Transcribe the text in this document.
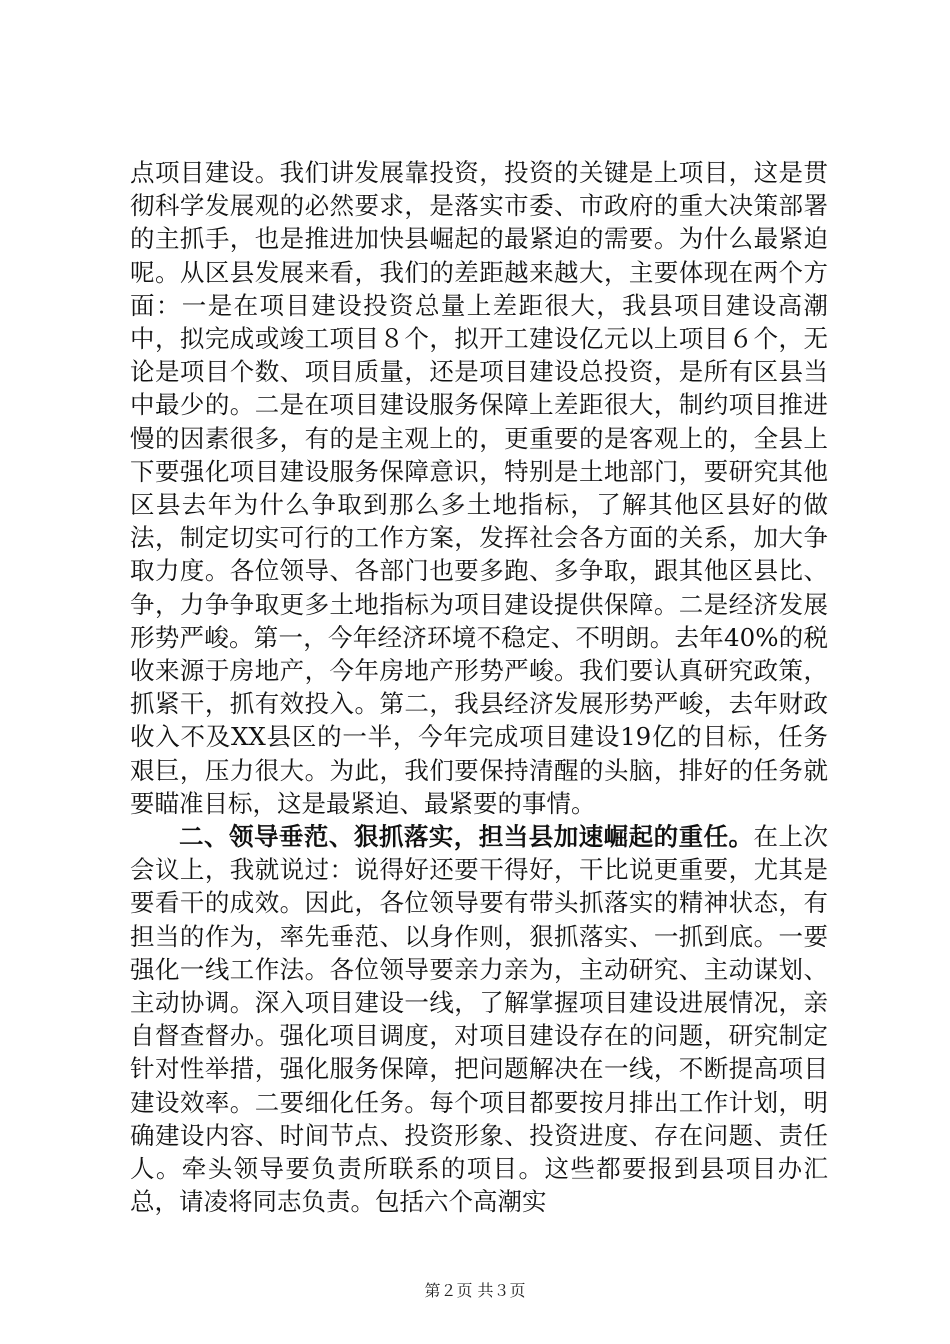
点项目建设。我们讲发展靠投资，投资的关键是上项目，这是贯彻科学发展观的必然要求，是落实市委、市政府的重大决策部署的主抓手，也是推进加快县崛起的最紧迫的需要。为什么最紧迫呢。从区县发展来看，我们的差距越来越大，主要体现在两个方面：一是在项目建设投资总量上差距很大，我县项目建设高潮中，拟完成或竣工项目８个，拟开工建设亿元以上项目６个，无论是项目个数、项目质量，还是项目建设总投资，是所有区县当中最少的。二是在项目建设服务保障上差距很大，制约项目推进慢的因素很多，有的是主观上的，更重要的是客观上的，全县上下要强化项目建设服务保障意识，特别是土地部门，要研究其他区县去年为什么争取到那么多土地指标，了解其他区县好的做法，制定切实可行的工作方案，发挥社会各方面的关系，加大争取力度。各位领导、各部门也要多跑、多争取，跟其他区县比、争，力争争取更多土地指标为项目建设提供保障。二是经济发展形势严峻。第一，今年经济环境不稳定、不明朗。去年40%的税收来源于房地产，今年房地产形势严峻。我们要认真研究政策，抓紧干，抓有效投入。第二，我县经济发展形势严峻，去年财政收入不及XX县区的一半，今年完成项目建设19亿的目标，任务艰巨，压力很大。为此，我们要保持清醒的头脑，排好的任务就要瞄准目标，这是最紧迫、最紧要的事情。

二、领导垂范、狠抓落实，担当县加速崛起的重任。在上次会议上，我就说过：说得好还要干得好，干比说更重要，尤其是要看干的成效。因此，各位领导要有带头抓落实的精神状态，有担当的作为，率先垂范、以身作则，狠抓落实、一抓到底。一要强化一线工作法。各位领导要亲力亲为，主动研究、主动谋划、主动协调。深入项目建设一线，了解掌握项目建设进展情况，亲自督查督办。强化项目调度，对项目建设存在的问题，研究制定针对性举措，强化服务保障，把问题解决在一线，不断提高项目建设效率。二要细化任务。每个项目都要按月排出工作计划，明确建设内容、时间节点、投资形象、投资进度、存在问题、责任人。牵头领导要负责所联系的项目。这些都要报到县项目办汇总，请凌将同志负责。包括六个高潮实

第２页 共３页
